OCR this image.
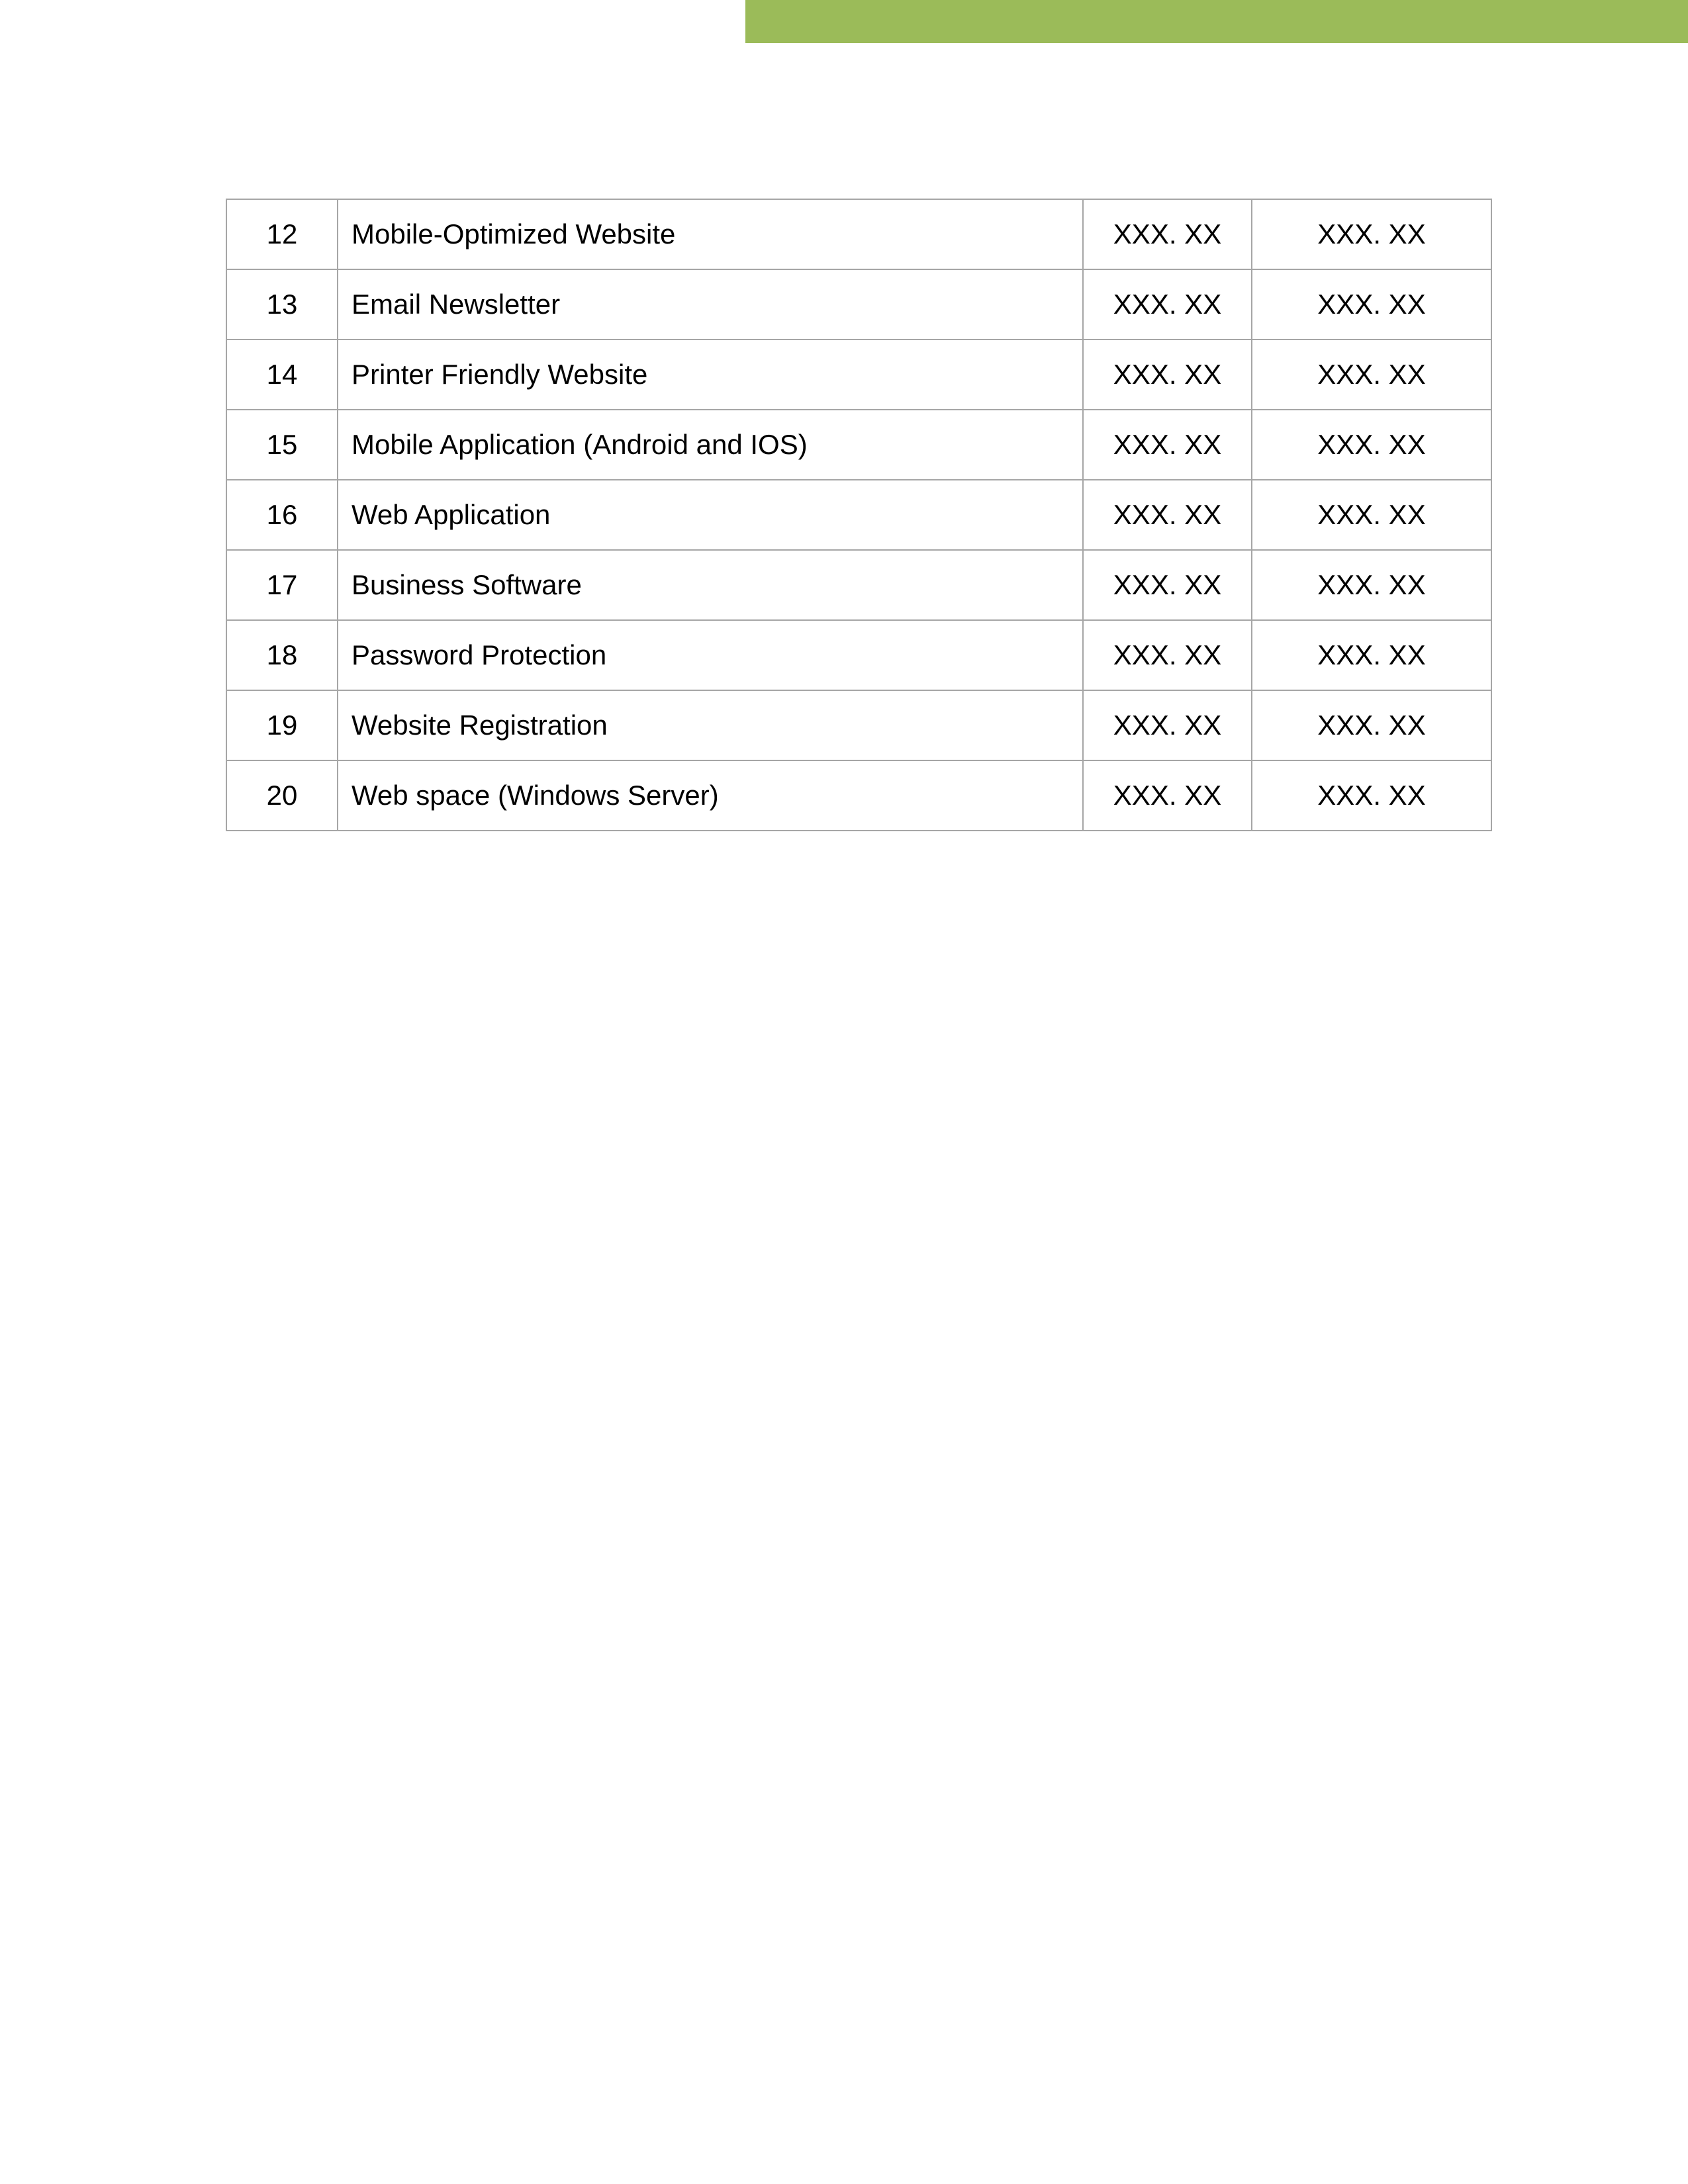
12	Mobile-Optimized Website	XXX. XX	XXX. XX
13	Email Newsletter	XXX. XX	XXX. XX
14	Printer Friendly Website	XXX. XX	XXX. XX
15	Mobile Application (Android and IOS)	XXX. XX	XXX. XX
16	Web Application	XXX. XX	XXX. XX
17	Business Software	XXX. XX	XXX. XX
18	Password Protection	XXX. XX	XXX. XX
19	Website Registration	XXX. XX	XXX. XX
20	Web space (Windows Server)	XXX. XX	XXX. XX
